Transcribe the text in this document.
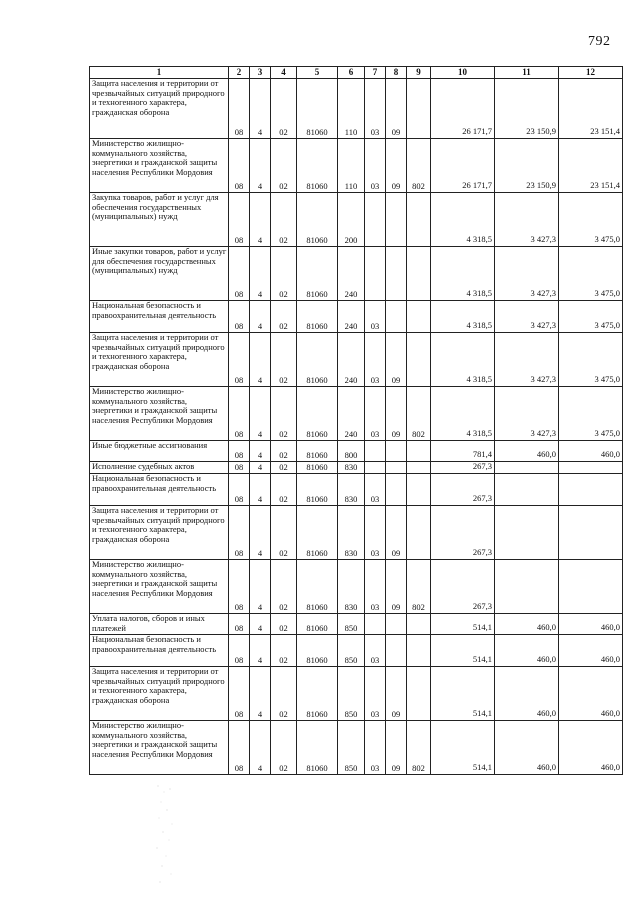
792
1	2	3	4	5	6	7	8	9	10	11	12
Защита населения и территории от чрезвычайных ситуаций природного и техногенного характера, гражданская оборона	08	4	02	81060	110	03	09		26 171,7	23 150,9	23 151,4
Министерство жилищно-коммунального хозяйства, энергетики и гражданской защиты населения Республики Мордовия	08	4	02	81060	110	03	09	802	26 171,7	23 150,9	23 151,4
Закупка товаров, работ и услуг для обеспечения государственных (муниципальных) нужд	08	4	02	81060	200				4 318,5	3 427,3	3 475,0
Иные закупки товаров, работ и услуг для обеспечения государственных (муниципальных) нужд	08	4	02	81060	240				4 318,5	3 427,3	3 475,0
Национальная безопасность и правоохранительная деятельность	08	4	02	81060	240	03			4 318,5	3 427,3	3 475,0
Защита населения и территории от чрезвычайных ситуаций природного и техногенного характера, гражданская оборона	08	4	02	81060	240	03	09		4 318,5	3 427,3	3 475,0
Министерство жилищно-коммунального хозяйства, энергетики и гражданской защиты населения Республики Мордовия	08	4	02	81060	240	03	09	802	4 318,5	3 427,3	3 475,0
Иные бюджетные ассигнования	08	4	02	81060	800				781,4	460,0	460,0
Исполнение судебных актов	08	4	02	81060	830				267,3		
Национальная безопасность и правоохранительная деятельность	08	4	02	81060	830	03			267,3		
Защита населения и территории от чрезвычайных ситуаций природного и техногенного характера, гражданская оборона	08	4	02	81060	830	03	09		267,3		
Министерство жилищно-коммунального хозяйства, энергетики и гражданской защиты населения Республики Мордовия	08	4	02	81060	830	03	09	802	267,3		
Уплата налогов, сборов и иных платежей	08	4	02	81060	850				514,1	460,0	460,0
Национальная безопасность и правоохранительная деятельность	08	4	02	81060	850	03			514,1	460,0	460,0
Защита населения и территории от чрезвычайных ситуаций природного и техногенного характера, гражданская оборона	08	4	02	81060	850	03	09		514,1	460,0	460,0
Министерство жилищно-коммунального хозяйства, энергетики и гражданской защиты населения Республики Мордовия	08	4	02	81060	850	03	09	802	514,1	460,0	460,0
